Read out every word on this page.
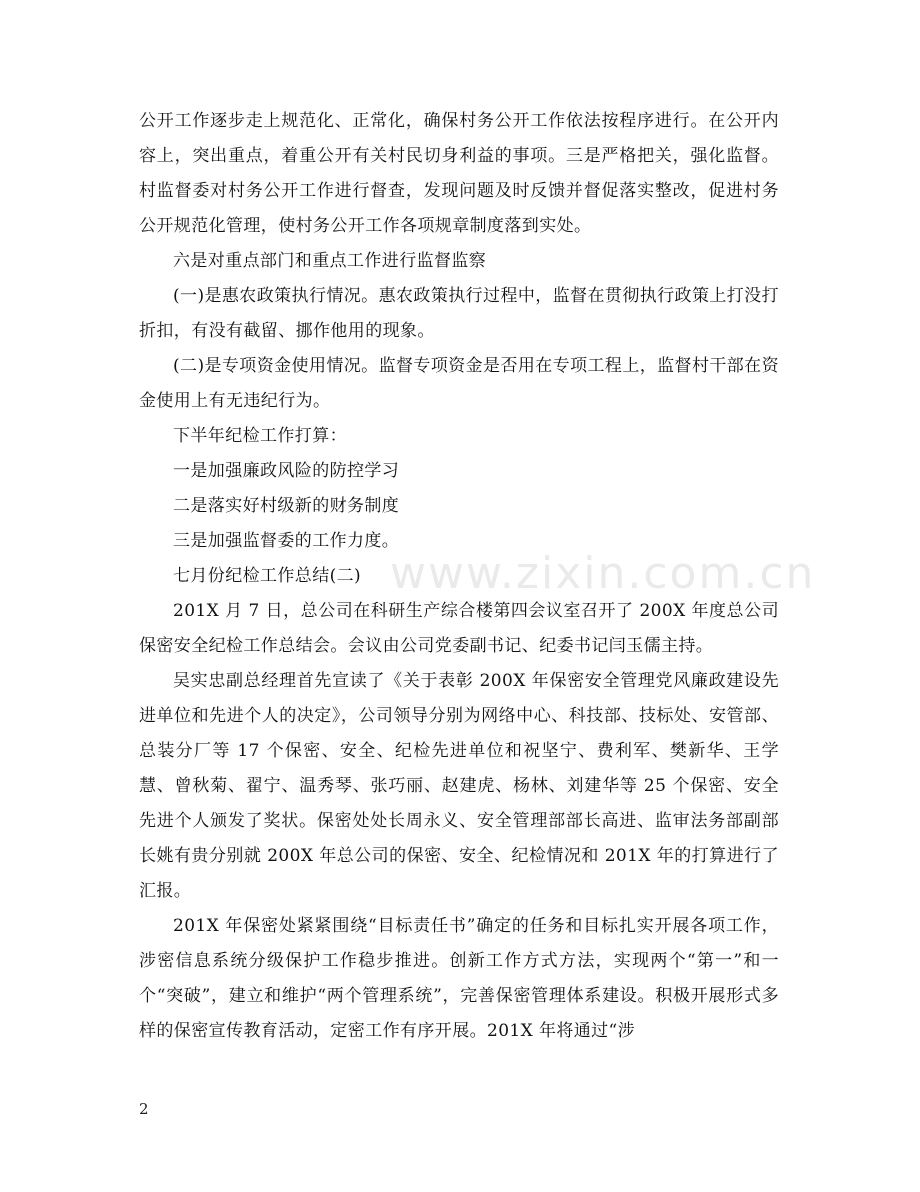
公开工作逐步走上规范化、正常化，确保村务公开工作依法按程序进行。在公开内容上，突出重点，着重公开有关村民切身利益的事项。三是严格把关，强化监督。村监督委对村务公开工作进行督查，发现问题及时反馈并督促落实整改，促进村务公开规范化管理，使村务公开工作各项规章制度落到实处。

六是对重点部门和重点工作进行监督监察

(一)是惠农政策执行情况。惠农政策执行过程中，监督在贯彻执行政策上打没打折扣，有没有截留、挪作他用的现象。

(二)是专项资金使用情况。监督专项资金是否用在专项工程上，监督村干部在资金使用上有无违纪行为。

下半年纪检工作打算：

一是加强廉政风险的防控学习

二是落实好村级新的财务制度

三是加强监督委的工作力度。

七月份纪检工作总结(二)

201X 月 7 日，总公司在科研生产综合楼第四会议室召开了 200X 年度总公司保密安全纪检工作总结会。会议由公司党委副书记、纪委书记闫玉儒主持。

吴实忠副总经理首先宣读了《关于表彰 200X 年保密安全管理党风廉政建设先进单位和先进个人的决定》，公司领导分别为网络中心、科技部、技标处、安管部、总装分厂等 17 个保密、安全、纪检先进单位和祝坚宁、费利军、樊新华、王学慧、曾秋菊、翟宁、温秀琴、张巧丽、赵建虎、杨林、刘建华等 25 个保密、安全先进个人颁发了奖状。保密处处长周永义、安全管理部部长高进、监审法务部副部长姚有贵分别就 200X 年总公司的保密、安全、纪检情况和 201X 年的打算进行了汇报。

201X 年保密处紧紧围绕“目标责任书”确定的任务和目标扎实开展各项工作，涉密信息系统分级保护工作稳步推进。创新工作方式方法，实现两个“第一”和一个“突破”，建立和维护“两个管理系统”，完善保密管理体系建设。积极开展形式多样的保密宣传教育活动，定密工作有序开展。201X 年将通过“涉

www.zixin.com.cn
2
